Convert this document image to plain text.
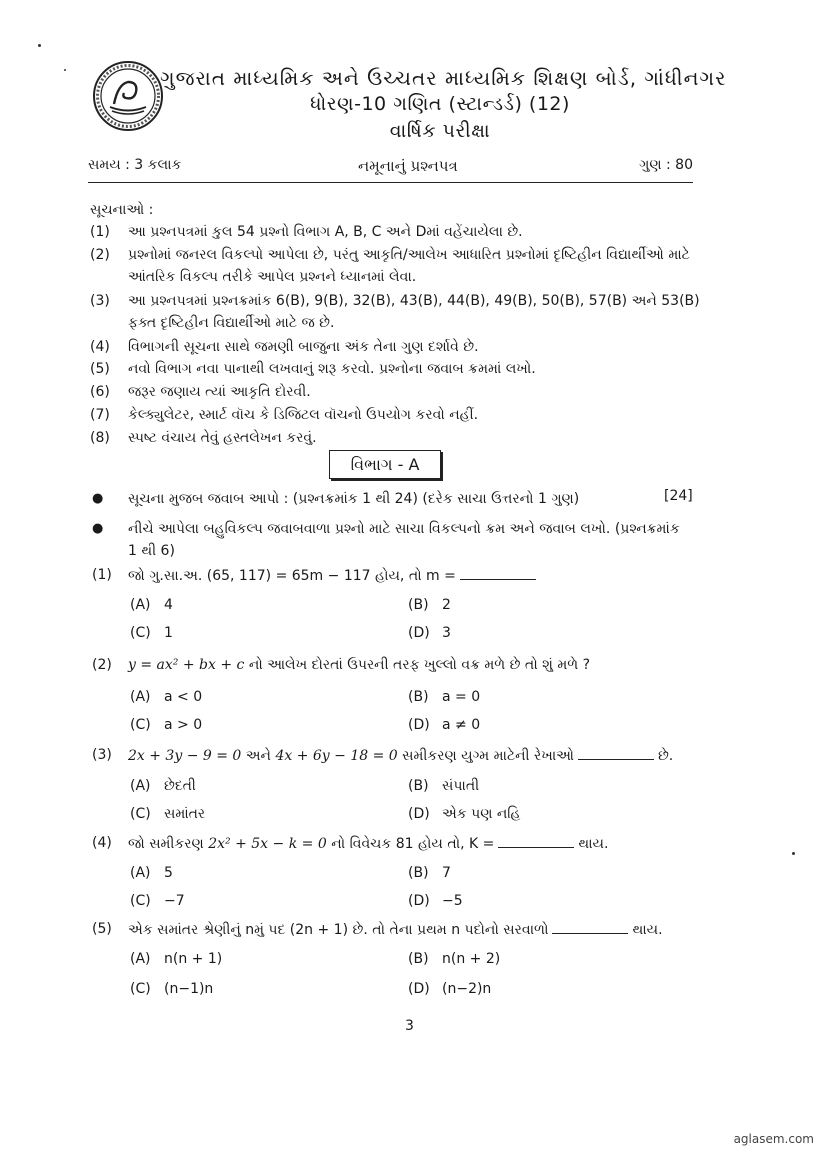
ગુજરાત માધ્યમિક અને ઉચ્ચતર માધ્યમિક શિક્ષણ બોર્ડ, ગાંધીનગર
ધોરણ-10 ગણિત (સ્ટાન્ડર્ડ) (12)
વાર્ષિક પરીક્ષા
સમય : 3 કલાક	નમૂનાનું પ્રશ્નપત્ર	ગુણ : 80
સૂચનાઓ :
(1) આ પ્રશ્નપત્રમાં કુલ 54 પ્રશ્નો વિભાગ A, B, C અને Dમાં વહેંચાયેલા છે.
(2) પ્રશ્નોમાં જનરલ વિકલ્પો આપેલા છે, પરંતુ આકૃતિ/આલેખ આધારિત પ્રશ્નોમાં દૃષ્ટિહીન વિદ્યાર્થીઓ માટે આંતરિક વિકલ્પ તરીકે આપેલ પ્રશ્નને ધ્યાનમાં લેવા.
(3) આ પ્રશ્નપત્રમાં પ્રશ્નક્રમાંક 6(B), 9(B), 32(B), 43(B), 44(B), 49(B), 50(B), 57(B) અને 53(B) ફક્ત દૃષ્ટિહીન વિદ્યાર્થીઓ માટે જ છે.
(4) વિભાગની સૂચના સાથે જમણી બાજુના અંક તેના ગુણ દર્શાવે છે.
(5) નવો વિભાગ નવા પાનાથી લખવાનું શરૂ કરવો. પ્રશ્નોના જવાબ ક્રમમાં લખો.
(6) જરૂર જણાય ત્યાં આકૃતિ દોરવી.
(7) કેલ્ક્યુલેટર, સ્માર્ટ વૉચ કે ડિજિટલ વૉચનો ઉપયોગ કરવો નહીં.
(8) સ્પષ્ટ વંચાય તેવું હસ્તલેખન કરવું.
વિભાગ - A
● સૂચના મુજબ જવાબ આપો : (પ્રશ્નક્રમાંક 1 થી 24) (દરેક સાચા ઉત્તરનો 1 ગુણ)	[24]
● નીચે આપેલા બહુવિકલ્પ જવાબવાળા પ્રશ્નો માટે સાચા વિકલ્પનો ક્રમ અને જવાબ લખો. (પ્રશ્નક્રમાંક 1 થી 6)
(1) જો ગુ.સા.અ. (65, 117) = 65m − 117 હોય, તો m =
(A) 4	(B) 2
(C) 1	(D) 3
(2) y = ax² + bx + c નો આલેખ દોરતાં ઉપરની તરફ ખુલ્લો વક્ર મળે છે તો શું મળે ?
(A) a < 0	(B) a = 0
(C) a > 0	(D) a ≠ 0
(3) 2x + 3y − 9 = 0 અને 4x + 6y − 18 = 0 સમીકરણ યુગ્મ માટેની રેખાઓ	છે.
(A) છેદતી	(B) સંપાતી
(C) સમાંતર	(D) એક પણ નહિ
(4) જો સમીકરણ 2x² + 5x − k = 0 નો વિવેચક 81 હોય તો, K =	થાય.
(A) 5	(B) 7
(C) −7	(D) −5
(5) એક સમાંતર શ્રેણીનું nમું પદ (2n + 1) છે. તો તેના પ્રથમ n પદોનો સરવાળો	થાય.
(A) n(n + 1)	(B) n(n + 2)
(C) (n−1)n	(D) (n−2)n
3
aglasem.com
